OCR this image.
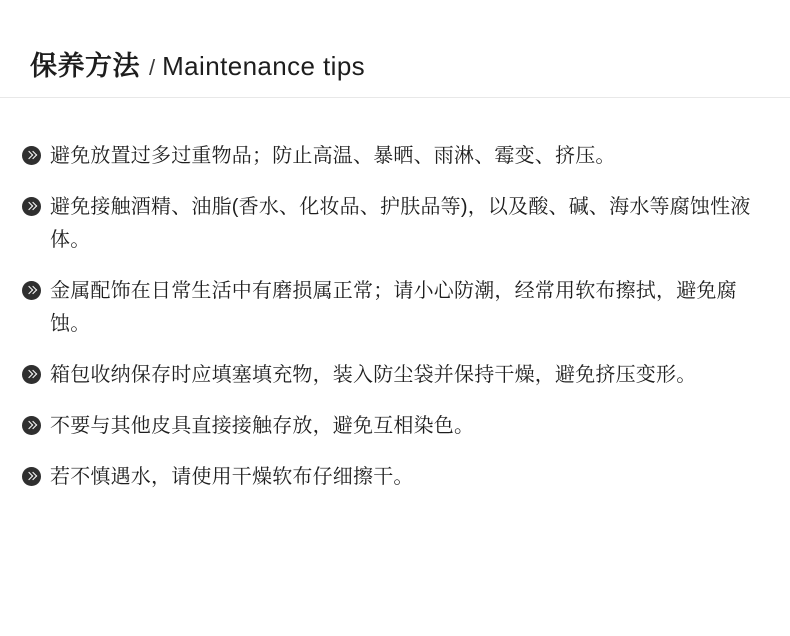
保养方法 / Maintenance tips
避免放置过多过重物品；防止高温、暴晒、雨淋、霉变、挤压。
避免接触酒精、油脂(香水、化妆品、护肤品等)，以及酸、碱、海水等腐蚀性液体。
金属配饰在日常生活中有磨损属正常；请小心防潮，经常用软布擦拭，避免腐蚀。
箱包收纳保存时应填塞填充物，装入防尘袋并保持干燥，避免挤压变形。
不要与其他皮具直接接触存放，避免互相染色。
若不慎遇水，请使用干燥软布仔细擦干。
